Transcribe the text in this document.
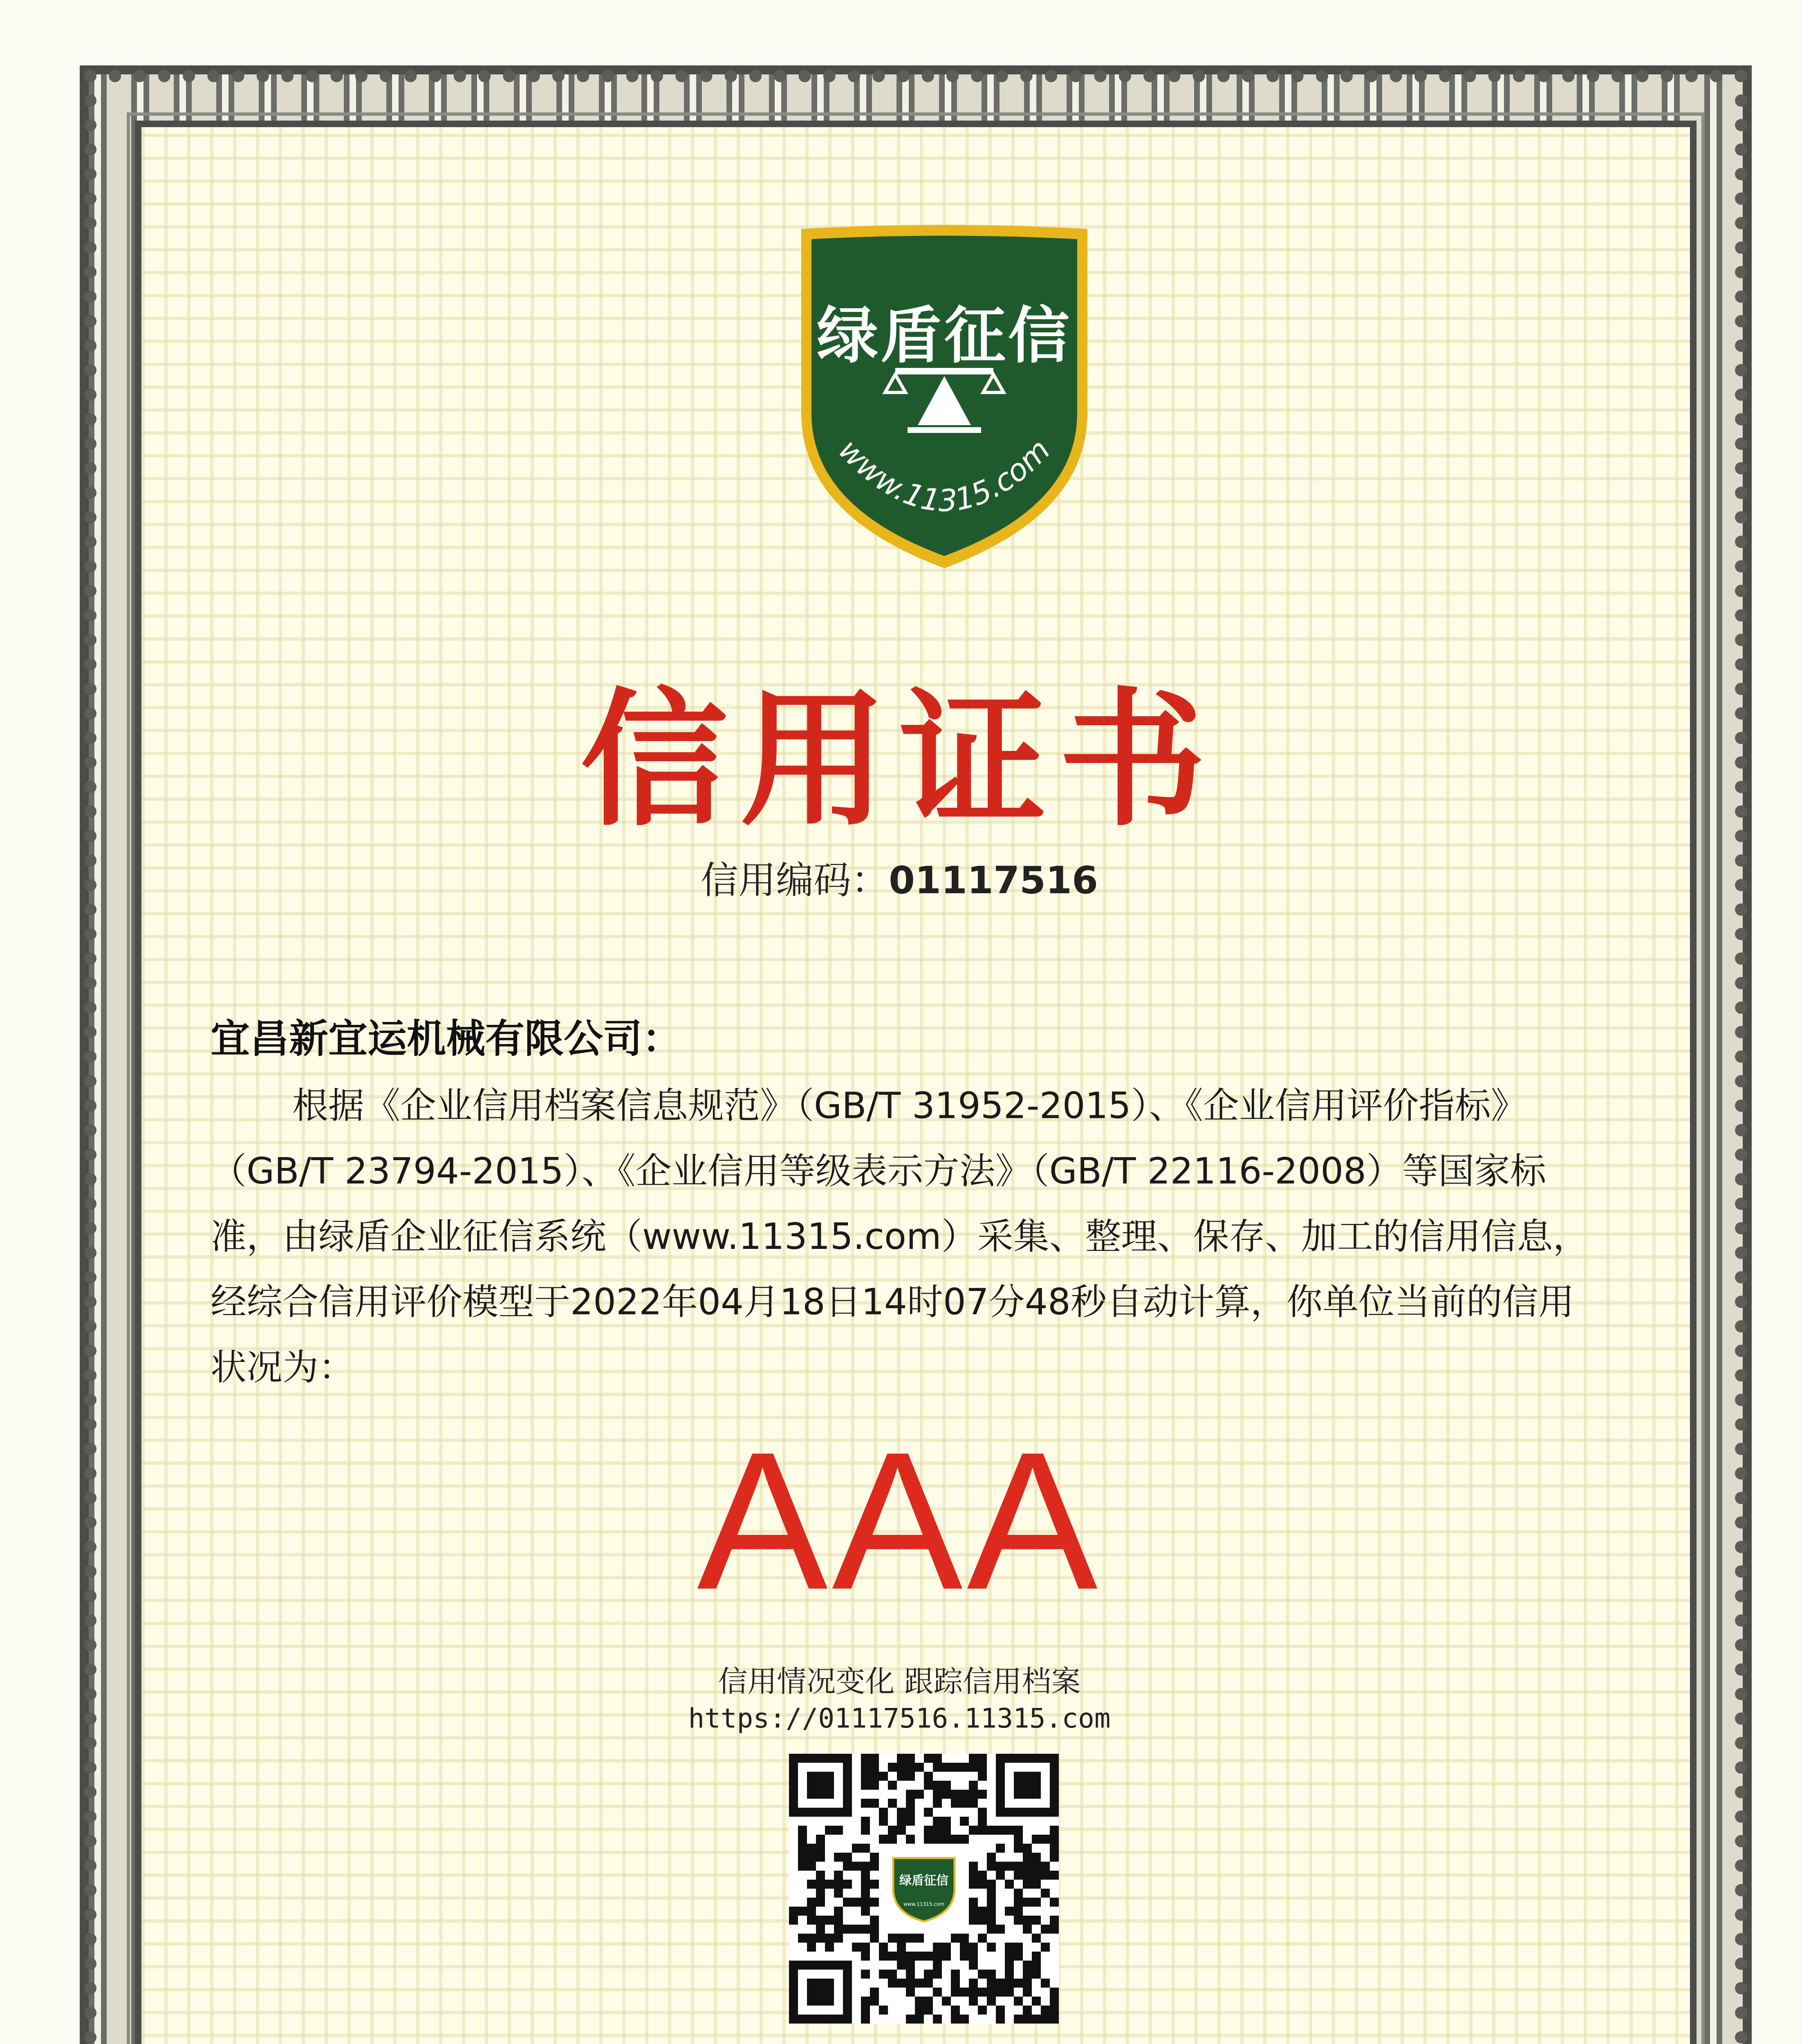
www.11315.com
绿盾征信
信用证书
信用编码：01117516
宜昌新宜运机械有限公司：
根据《企业信用档案信息规范》（GB/T 31952-2015）、《企业信用评价指标》
（GB/T 23794-2015）、《企业信用等级表示方法》（GB/T 22116-2008）等国家标
准，由绿盾企业征信系统（www.11315.com）采集、整理、保存、加工的信用信息，
经综合信用评价模型于2022年04月18日14时07分48秒自动计算，你单位当前的信用
状况为：
AAA
信用情况变化 跟踪信用档案
https://01117516.11315.com
绿盾征信
www.11315.com
